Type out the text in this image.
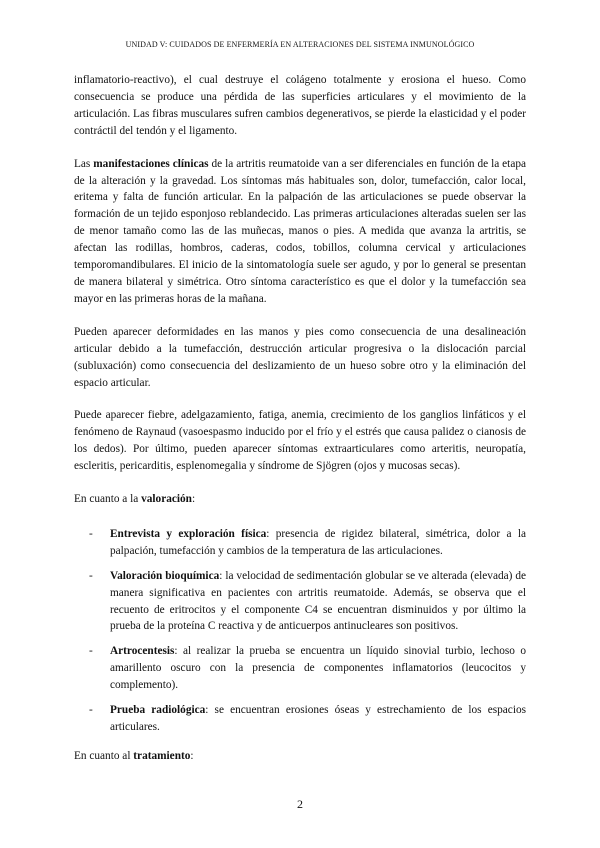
UNIDAD V: CUIDADOS DE ENFERMERÍA EN ALTERACIONES DEL SISTEMA INMUNOLÓGICO

inflamatorio-reactivo), el cual destruye el colágeno totalmente y erosiona el hueso. Como consecuencia se produce una pérdida de las superficies articulares y el movimiento de la articulación. Las fibras musculares sufren cambios degenerativos, se pierde la elasticidad y el poder contráctil del tendón y el ligamento.

Las manifestaciones clínicas de la artritis reumatoide van a ser diferenciales en función de la etapa de la alteración y la gravedad. Los síntomas más habituales son, dolor, tumefacción, calor local, eritema y falta de función articular. En la palpación de las articulaciones se puede observar la formación de un tejido esponjoso reblandecido. Las primeras articulaciones alteradas suelen ser las de menor tamaño como las de las muñecas, manos o pies. A medida que avanza la artritis, se afectan las rodillas, hombros, caderas, codos, tobillos, columna cervical y articulaciones temporomandibulares. El inicio de la sintomatología suele ser agudo, y por lo general se presentan de manera bilateral y simétrica. Otro síntoma característico es que el dolor y la tumefacción sea mayor en las primeras horas de la mañana.

Pueden aparecer deformidades en las manos y pies como consecuencia de una desalineación articular debido a la tumefacción, destrucción articular progresiva o la dislocación parcial (subluxación) como consecuencia del deslizamiento de un hueso sobre otro y la eliminación del espacio articular.

Puede aparecer fiebre, adelgazamiento, fatiga, anemia, crecimiento de los ganglios linfáticos y el fenómeno de Raynaud (vasoespasmo inducido por el frío y el estrés que causa palidez o cianosis de los dedos). Por último, pueden aparecer síntomas extraarticulares como arteritis, neuropatía, escleritis, pericarditis, esplenomegalia y síndrome de Sjögren (ojos y mucosas secas).

En cuanto a la valoración:

- Entrevista y exploración física: presencia de rigidez bilateral, simétrica, dolor a la palpación, tumefacción y cambios de la temperatura de las articulaciones.
- Valoración bioquímica: la velocidad de sedimentación globular se ve alterada (elevada) de manera significativa en pacientes con artritis reumatoide. Además, se observa que el recuento de eritrocitos y el componente C4 se encuentran disminuidos y por último la prueba de la proteína C reactiva y de anticuerpos antinucleares son positivos.
- Artrocentesis: al realizar la prueba se encuentra un líquido sinovial turbio, lechoso o amarillento oscuro con la presencia de componentes inflamatorios (leucocitos y complemento).
- Prueba radiológica: se encuentran erosiones óseas y estrechamiento de los espacios articulares.

En cuanto al tratamiento:

2
